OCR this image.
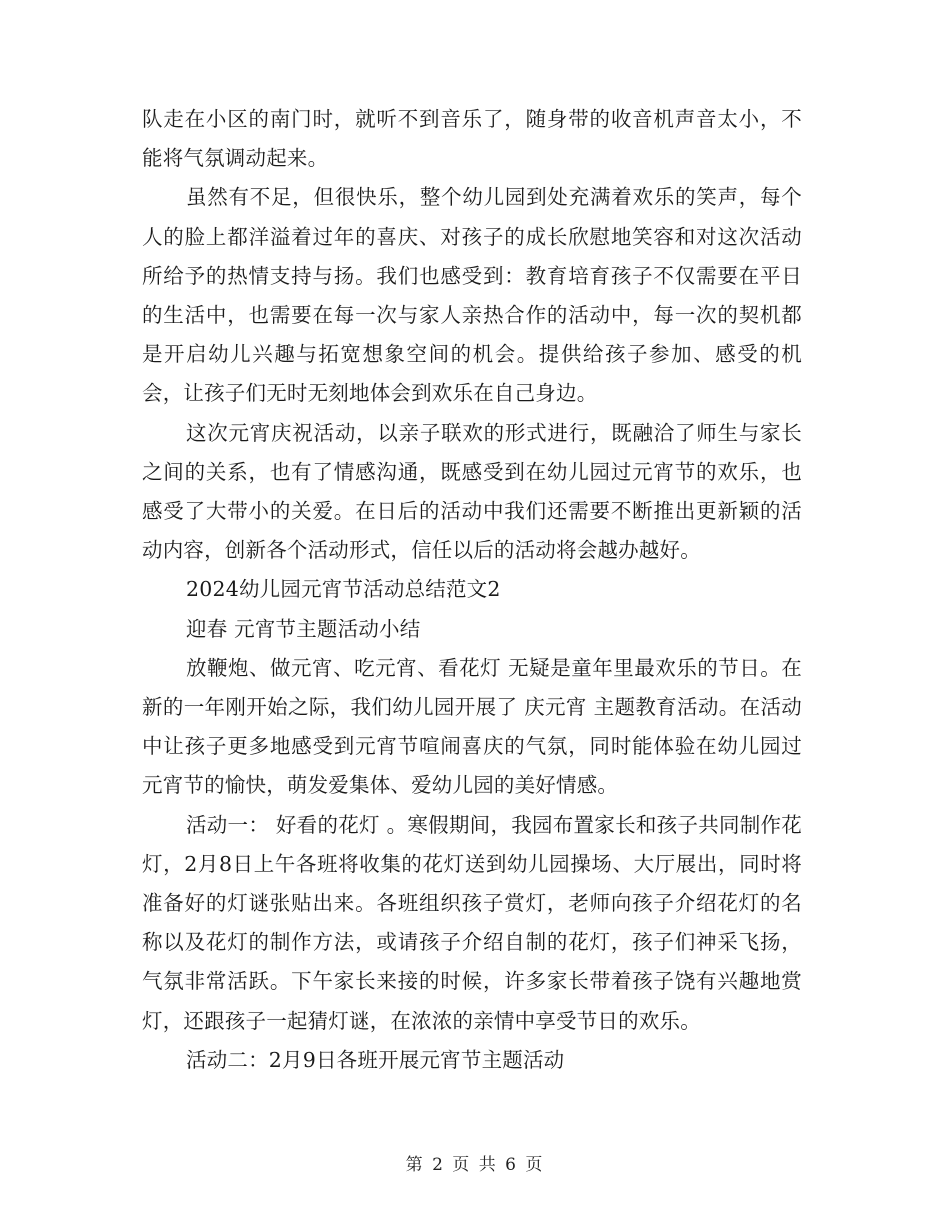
队走在小区的南门时，就听不到音乐了，随身带的收音机声音太小，不能将气氛调动起来。

虽然有不足，但很快乐，整个幼儿园到处充满着欢乐的笑声，每个人的脸上都洋溢着过年的喜庆、对孩子的成长欣慰地笑容和对这次活动所给予的热情支持与扬。我们也感受到：教育培育孩子不仅需要在平日的生活中，也需要在每一次与家人亲热合作的活动中，每一次的契机都是开启幼儿兴趣与拓宽想象空间的机会。提供给孩子参加、感受的机会，让孩子们无时无刻地体会到欢乐在自己身边。

这次元宵庆祝活动，以亲子联欢的形式进行，既融洽了师生与家长之间的关系，也有了情感沟通，既感受到在幼儿园过元宵节的欢乐，也感受了大带小的关爱。在日后的活动中我们还需要不断推出更新颖的活动内容，创新各个活动形式，信任以后的活动将会越办越好。

2024幼儿园元宵节活动总结范文2

迎春 元宵节主题活动小结

放鞭炮、做元宵、吃元宵、看花灯 无疑是童年里最欢乐的节日。在新的一年刚开始之际，我们幼儿园开展了 庆元宵 主题教育活动。在活动中让孩子更多地感受到元宵节喧闹喜庆的气氛，同时能体验在幼儿园过元宵节的愉快，萌发爱集体、爱幼儿园的美好情感。

活动一： 好看的花灯 。寒假期间，我园布置家长和孩子共同制作花灯，2月8日上午各班将收集的花灯送到幼儿园操场、大厅展出，同时将准备好的灯谜张贴出来。各班组织孩子赏灯，老师向孩子介绍花灯的名称以及花灯的制作方法，或请孩子介绍自制的花灯，孩子们神采飞扬，气氛非常活跃。下午家长来接的时候，许多家长带着孩子饶有兴趣地赏灯，还跟孩子一起猜灯谜，在浓浓的亲情中享受节日的欢乐。

活动二：2月9日各班开展元宵节主题活动

第 2 页 共 6 页
